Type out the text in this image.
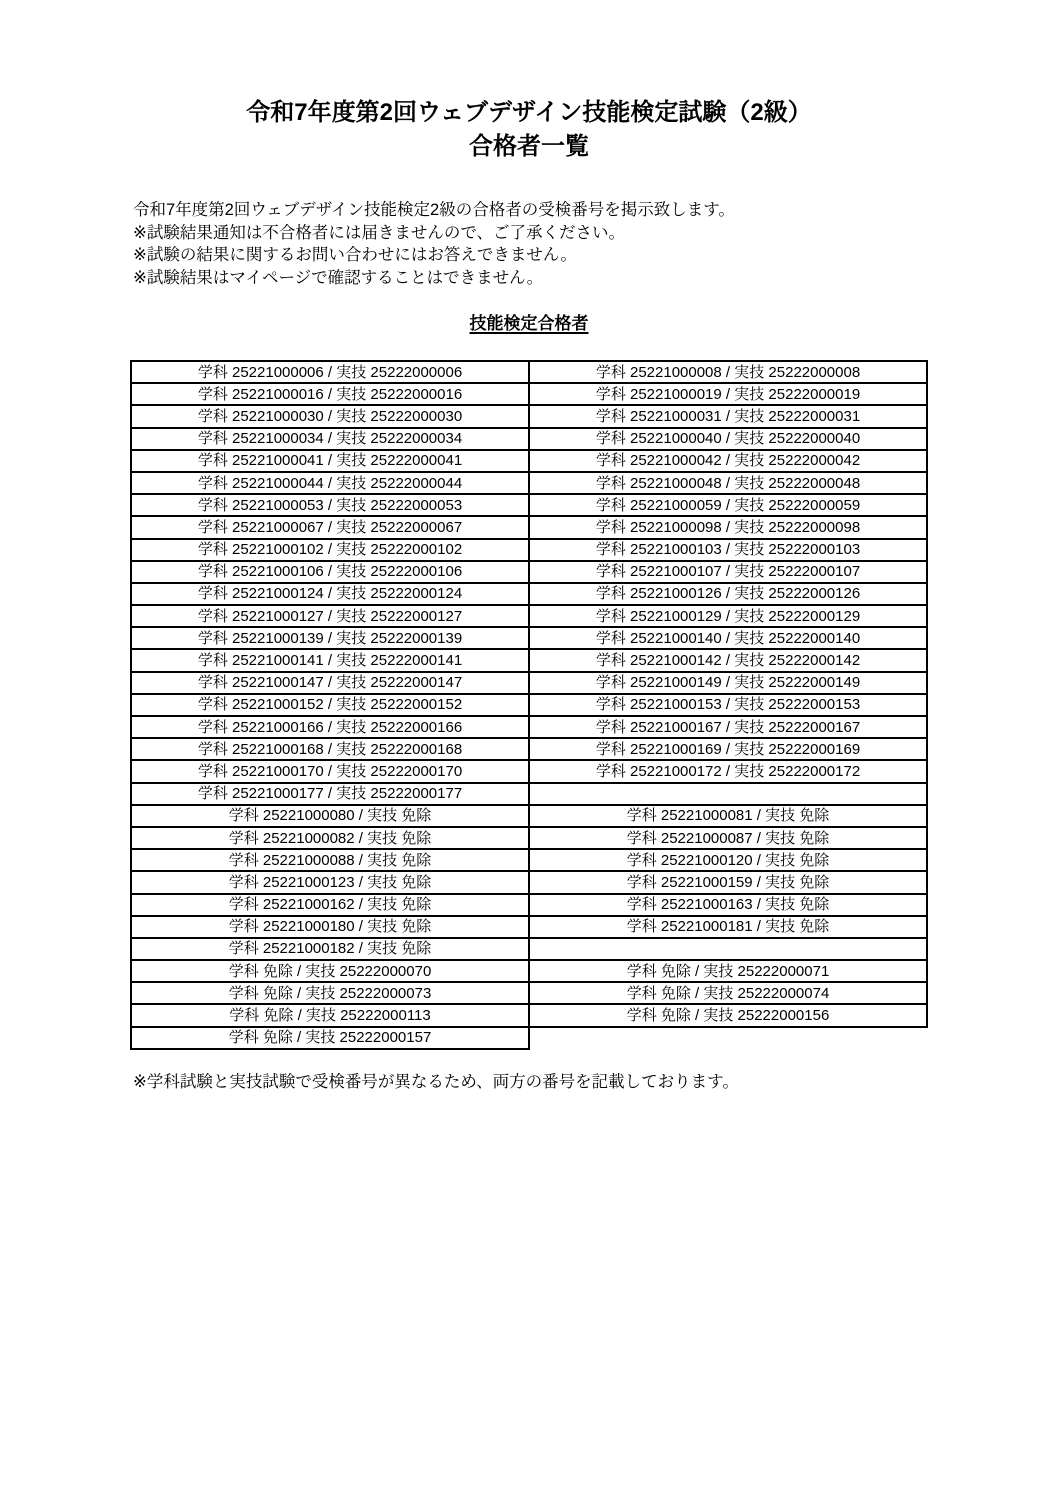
令和7年度第2回ウェブデザイン技能検定試験（2級）
合格者一覧
令和7年度第2回ウェブデザイン技能検定2級の合格者の受検番号を掲示致します。
※試験結果通知は不合格者には届きませんので、ご了承ください。
※試験の結果に関するお問い合わせにはお答えできません。
※試験結果はマイページで確認することはできません。
技能検定合格者
学科 25221000006 / 実技 25222000006	学科 25221000008 / 実技 25222000008
学科 25221000016 / 実技 25222000016	学科 25221000019 / 実技 25222000019
学科 25221000030 / 実技 25222000030	学科 25221000031 / 実技 25222000031
学科 25221000034 / 実技 25222000034	学科 25221000040 / 実技 25222000040
学科 25221000041 / 実技 25222000041	学科 25221000042 / 実技 25222000042
学科 25221000044 / 実技 25222000044	学科 25221000048 / 実技 25222000048
学科 25221000053 / 実技 25222000053	学科 25221000059 / 実技 25222000059
学科 25221000067 / 実技 25222000067	学科 25221000098 / 実技 25222000098
学科 25221000102 / 実技 25222000102	学科 25221000103 / 実技 25222000103
学科 25221000106 / 実技 25222000106	学科 25221000107 / 実技 25222000107
学科 25221000124 / 実技 25222000124	学科 25221000126 / 実技 25222000126
学科 25221000127 / 実技 25222000127	学科 25221000129 / 実技 25222000129
学科 25221000139 / 実技 25222000139	学科 25221000140 / 実技 25222000140
学科 25221000141 / 実技 25222000141	学科 25221000142 / 実技 25222000142
学科 25221000147 / 実技 25222000147	学科 25221000149 / 実技 25222000149
学科 25221000152 / 実技 25222000152	学科 25221000153 / 実技 25222000153
学科 25221000166 / 実技 25222000166	学科 25221000167 / 実技 25222000167
学科 25221000168 / 実技 25222000168	学科 25221000169 / 実技 25222000169
学科 25221000170 / 実技 25222000170	学科 25221000172 / 実技 25222000172
学科 25221000177 / 実技 25222000177	
学科 25221000080 / 実技 免除	学科 25221000081 / 実技 免除
学科 25221000082 / 実技 免除	学科 25221000087 / 実技 免除
学科 25221000088 / 実技 免除	学科 25221000120 / 実技 免除
学科 25221000123 / 実技 免除	学科 25221000159 / 実技 免除
学科 25221000162 / 実技 免除	学科 25221000163 / 実技 免除
学科 25221000180 / 実技 免除	学科 25221000181 / 実技 免除
学科 25221000182 / 実技 免除	
学科 免除 / 実技 25222000070	学科 免除 / 実技 25222000071
学科 免除 / 実技 25222000073	学科 免除 / 実技 25222000074
学科 免除 / 実技 25222000113	学科 免除 / 実技 25222000156
学科 免除 / 実技 25222000157	
※学科試験と実技試験で受検番号が異なるため、両方の番号を記載しております。
